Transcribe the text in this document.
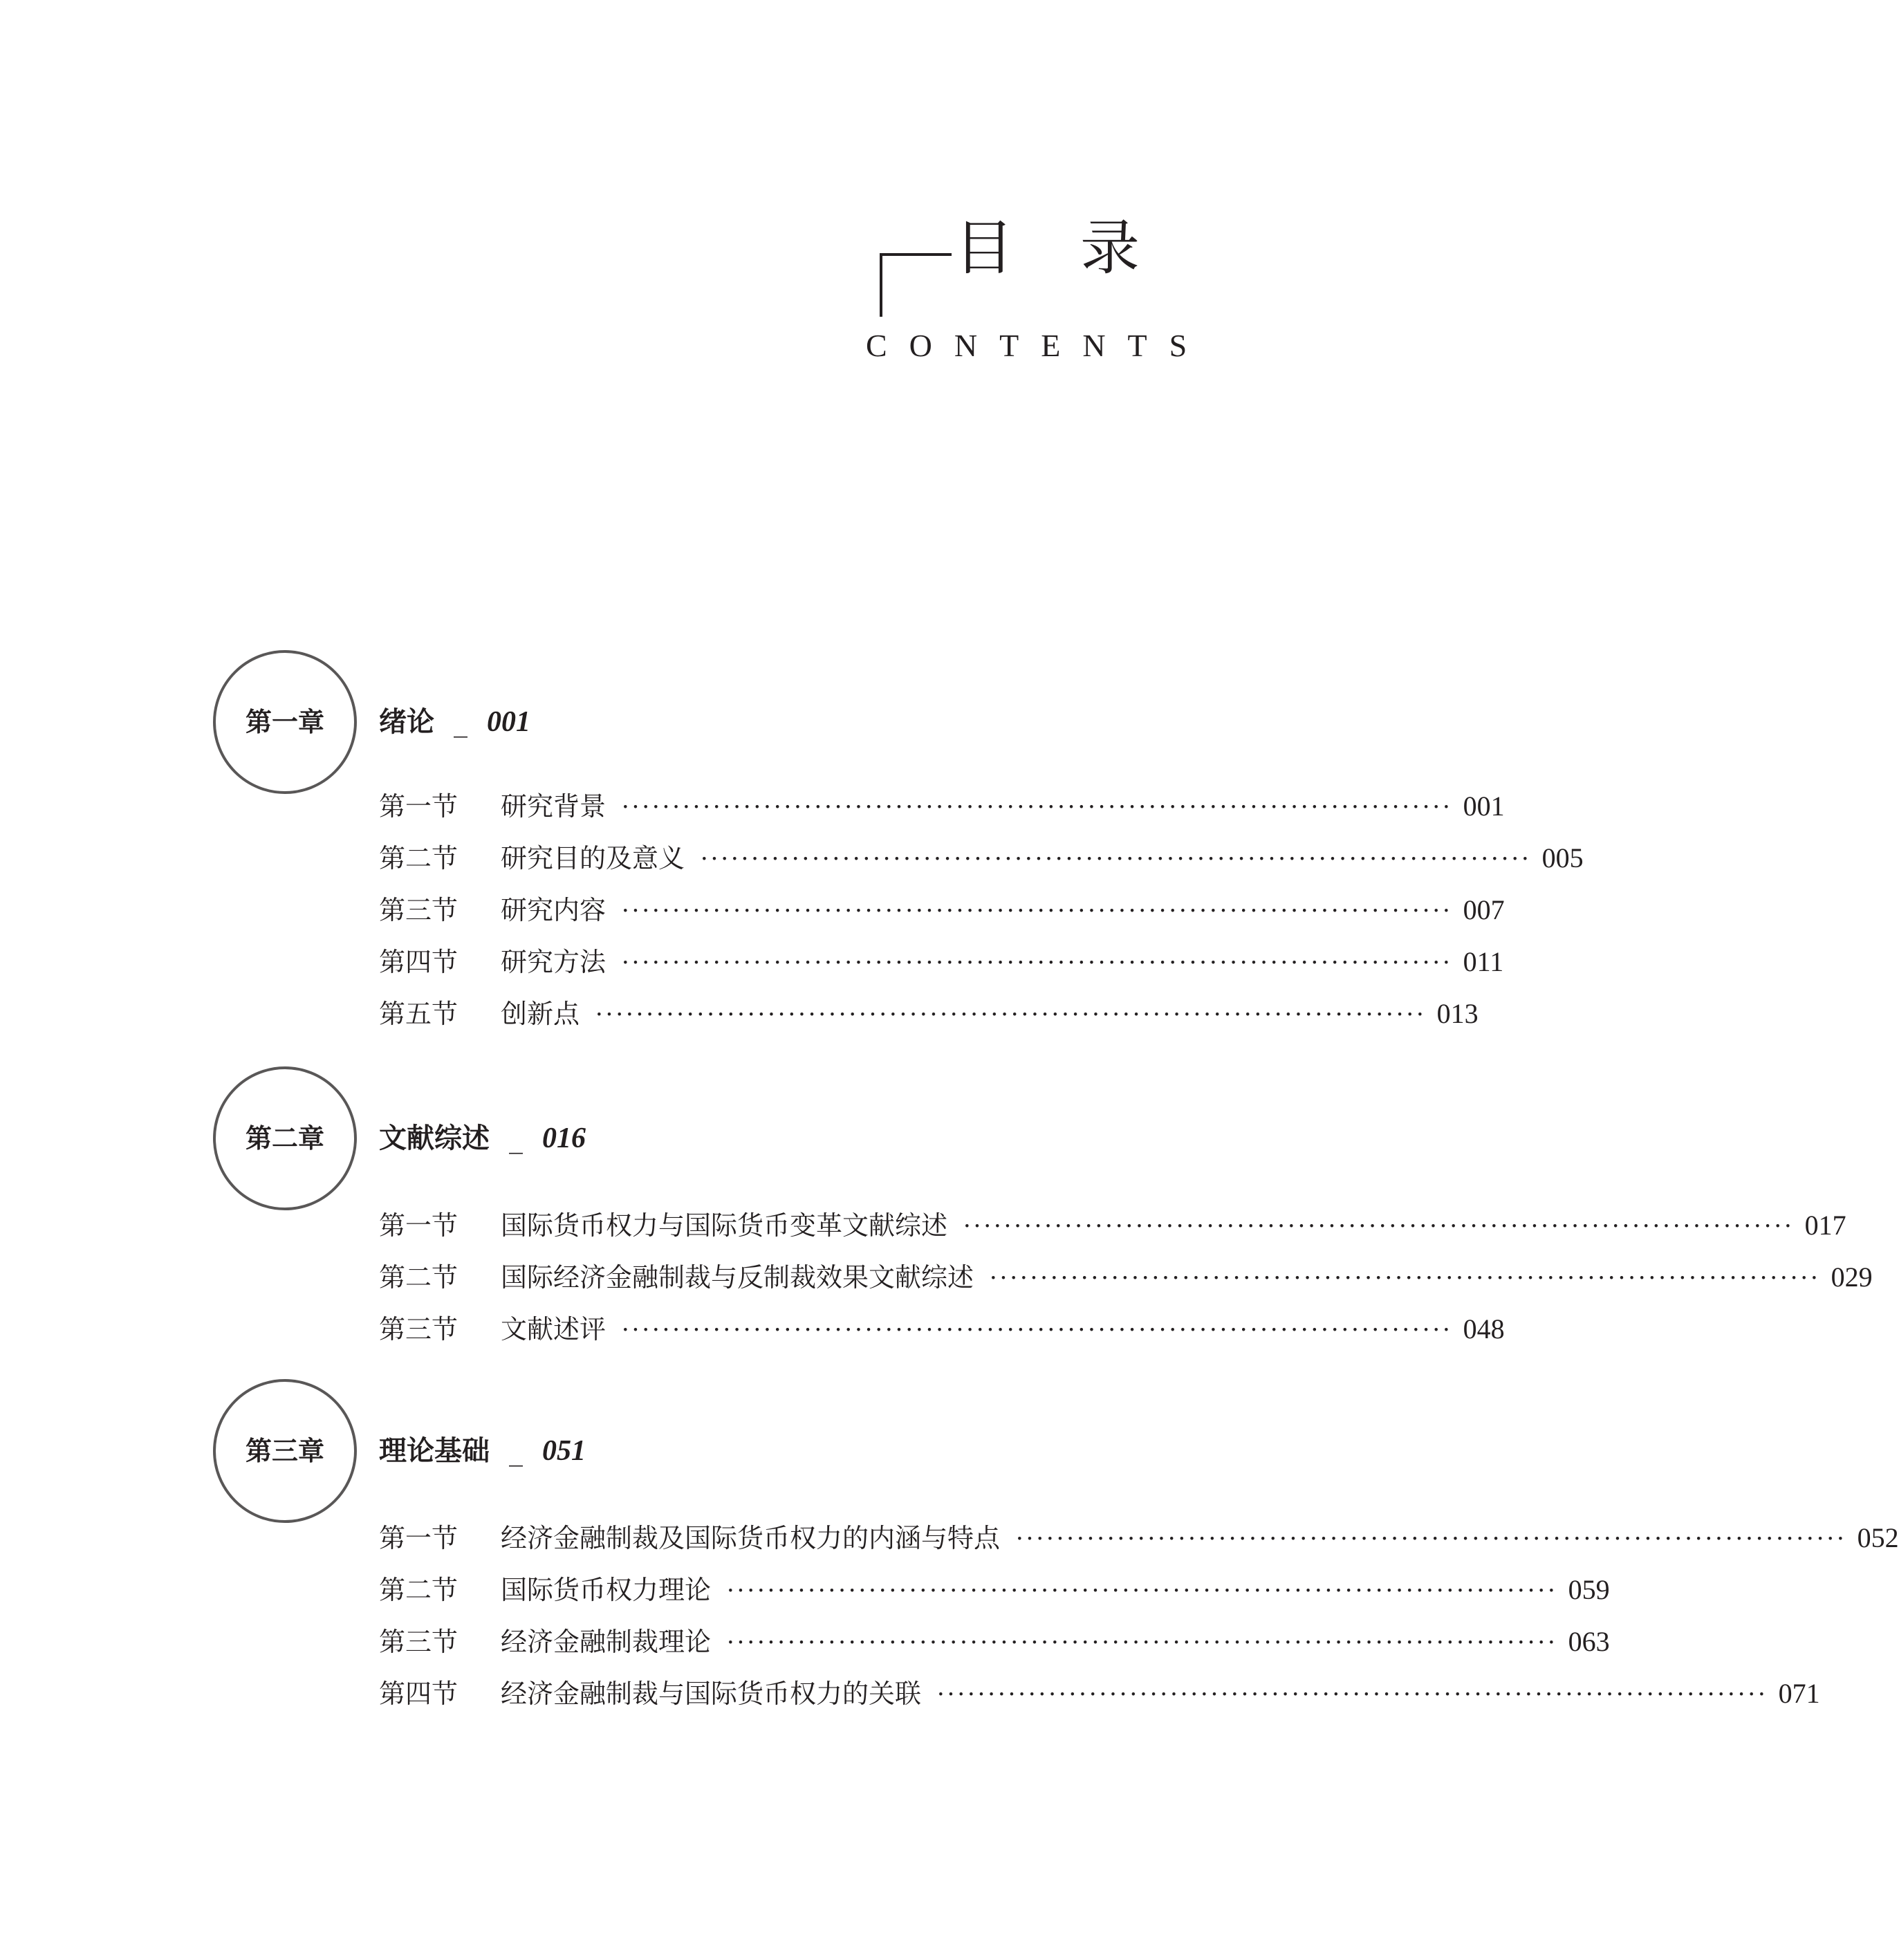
目录
CONTENTS
第一章	绪论 _ 001
第一节	研究背景 ·················································································· 001
第二节	研究目的及意义 ·················································································· 005
第三节	研究内容 ·················································································· 007
第四节	研究方法 ·················································································· 011
第五节	创新点 ·················································································· 013
第二章	文献综述 _ 016
第一节	国际货币权力与国际货币变革文献综述 ·················································································· 017
第二节	国际经济金融制裁与反制裁效果文献综述 ·················································································· 029
第三节	文献述评 ·················································································· 048
第三章	理论基础 _ 051
第一节	经济金融制裁及国际货币权力的内涵与特点 ·················································································· 052
第二节	国际货币权力理论 ·················································································· 059
第三节	经济金融制裁理论 ·················································································· 063
第四节	经济金融制裁与国际货币权力的关联 ·················································································· 071
